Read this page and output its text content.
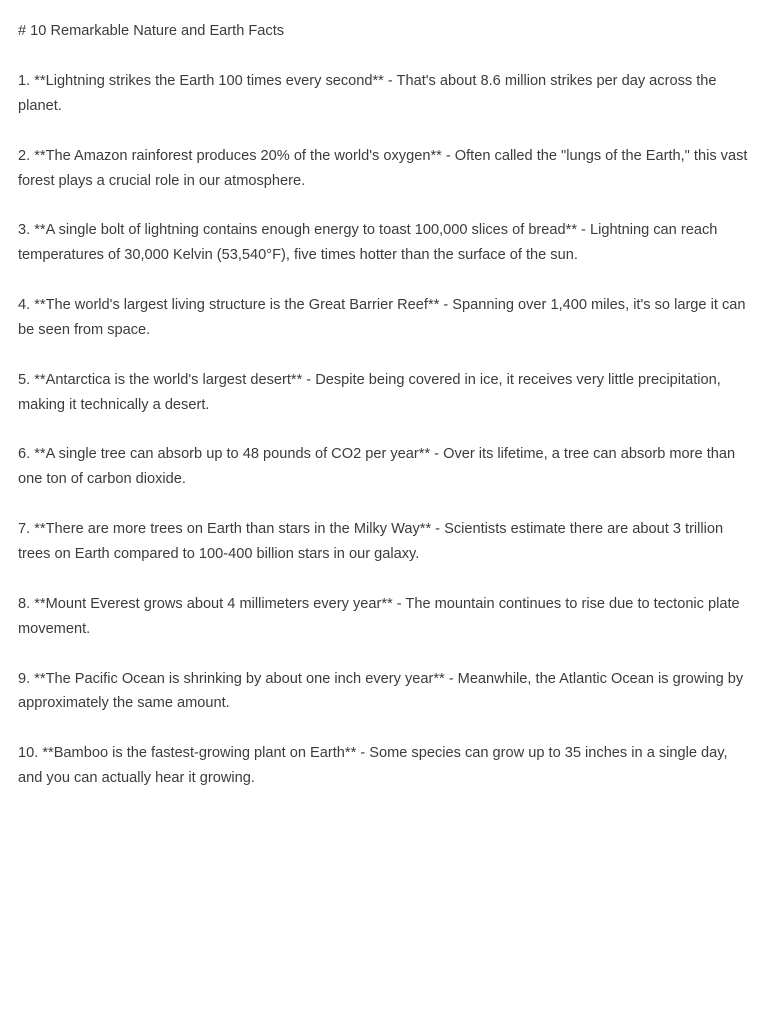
# 10 Remarkable Nature and Earth Facts
1. **Lightning strikes the Earth 100 times every second** - That's about 8.6 million strikes per day across the planet.
2. **The Amazon rainforest produces 20% of the world's oxygen** - Often called the "lungs of the Earth," this vast forest plays a crucial role in our atmosphere.
3. **A single bolt of lightning contains enough energy to toast 100,000 slices of bread** - Lightning can reach temperatures of 30,000 Kelvin (53,540°F), five times hotter than the surface of the sun.
4. **The world's largest living structure is the Great Barrier Reef** - Spanning over 1,400 miles, it's so large it can be seen from space.
5. **Antarctica is the world's largest desert** - Despite being covered in ice, it receives very little precipitation, making it technically a desert.
6. **A single tree can absorb up to 48 pounds of CO2 per year** - Over its lifetime, a tree can absorb more than one ton of carbon dioxide.
7. **There are more trees on Earth than stars in the Milky Way** - Scientists estimate there are about 3 trillion trees on Earth compared to 100-400 billion stars in our galaxy.
8. **Mount Everest grows about 4 millimeters every year** - The mountain continues to rise due to tectonic plate movement.
9. **The Pacific Ocean is shrinking by about one inch every year** - Meanwhile, the Atlantic Ocean is growing by approximately the same amount.
10. **Bamboo is the fastest-growing plant on Earth** - Some species can grow up to 35 inches in a single day, and you can actually hear it growing.
